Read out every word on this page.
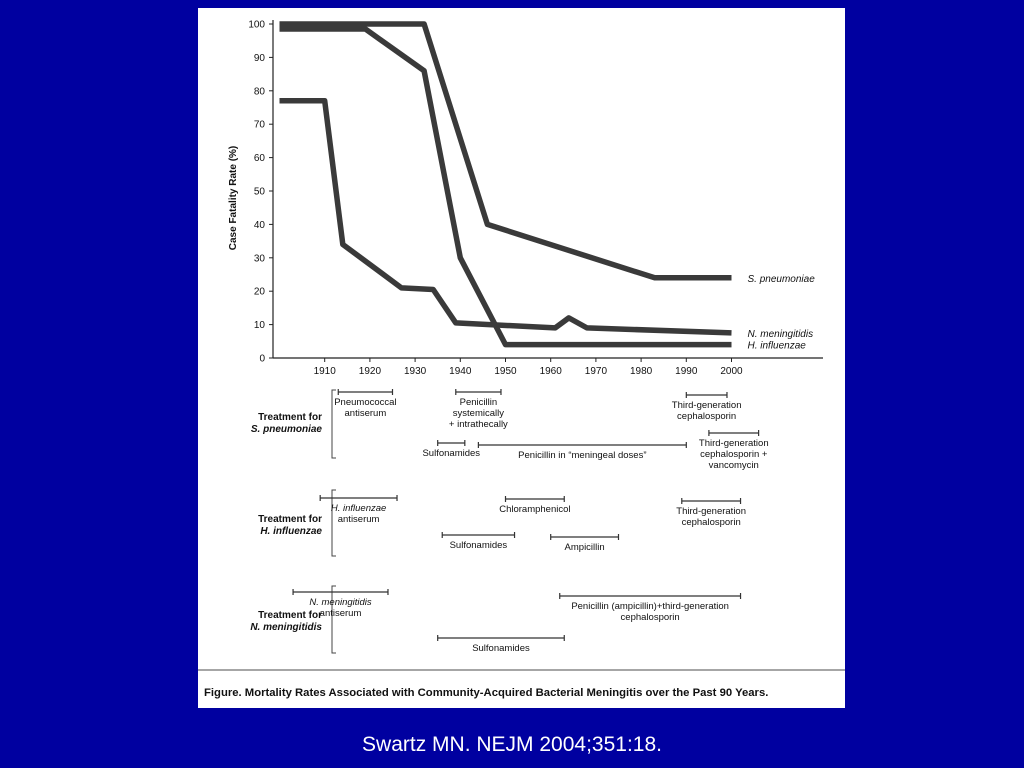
0
10
20
30
40
50
60
70
80
90
100
1910 1920 1930 1940 1950 1960 1970 1980 1990 2000
Case Fatality Rate (%)
S. pneumoniae
N. meningitidis
H. influenzae
Treatment for
S. pneumoniae
Pneumococcal
antiserum
Penicillin
systemically
+ intrathecally
Third-generation
cephalosporin
Sulfonamides	Penicillin in “meningeal doses”
Third-generation
cephalosporin +
vancomycin
Treatment for
H. influenzae
H. influenzae
antiserum
Chloramphenicol	Third-generation
cephalosporin
Sulfonamides	Ampicillin
Treatment for
N. meningitidis
N. meningitidis
antiserum
Penicillin (ampicillin)+third-generation
cephalosporin
Sulfonamides
Figure. Mortality Rates Associated with Community-Acquired Bacterial Meningitis over the Past 90 Years.
Swartz MN. NEJM 2004;351:18.
